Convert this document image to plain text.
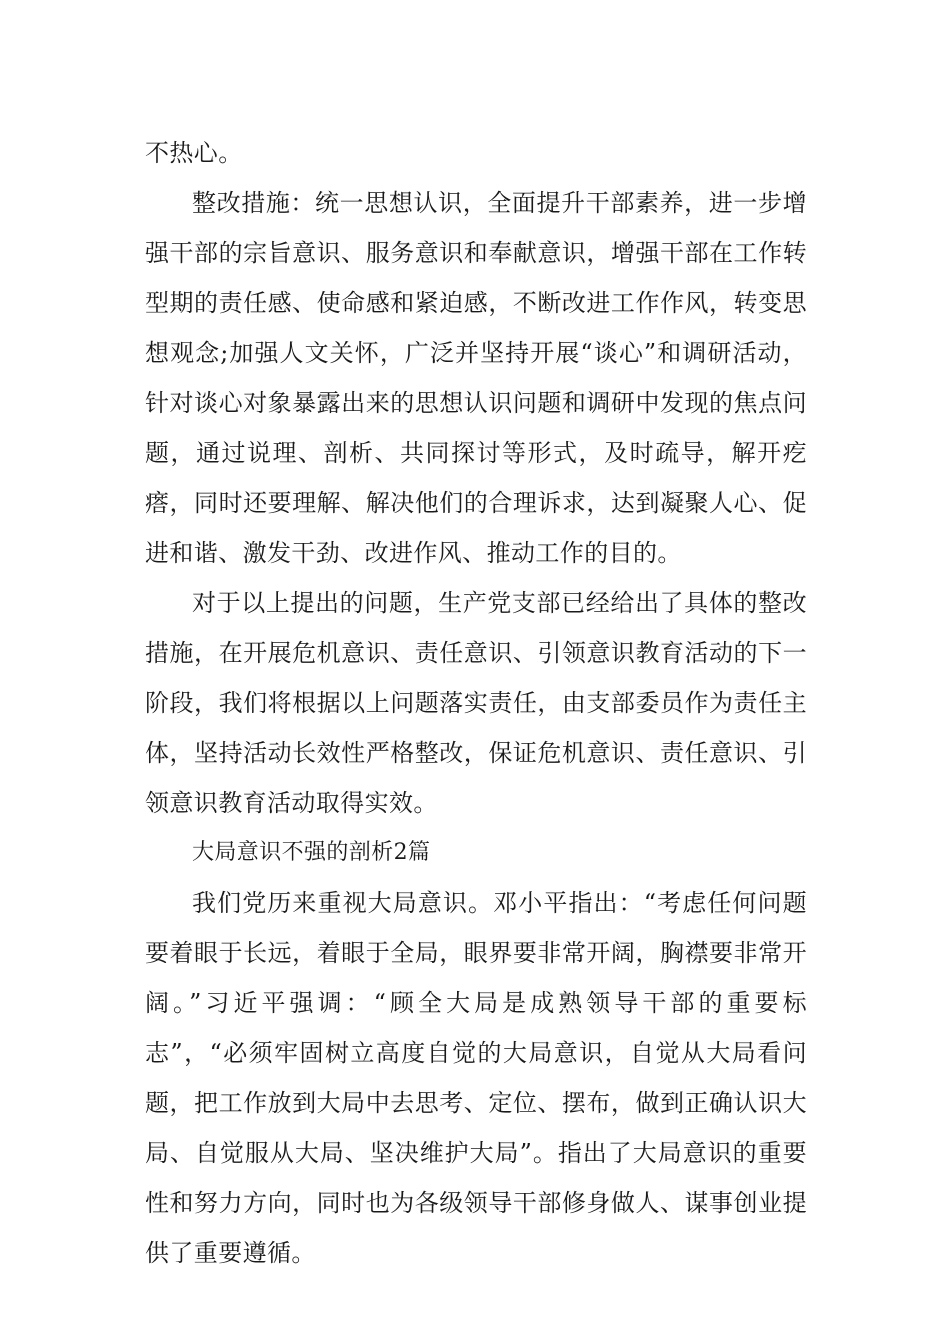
不热心。

整改措施：统一思想认识，全面提升干部素养，进一步增强干部的宗旨意识、服务意识和奉献意识，增强干部在工作转型期的责任感、使命感和紧迫感，不断改进工作作风，转变思想观念;加强人文关怀，广泛并坚持开展“谈心”和调研活动，针对谈心对象暴露出来的思想认识问题和调研中发现的焦点问题，通过说理、剖析、共同探讨等形式，及时疏导，解开疙瘩，同时还要理解、解决他们的合理诉求，达到凝聚人心、促进和谐、激发干劲、改进作风、推动工作的目的。

对于以上提出的问题，生产党支部已经给出了具体的整改措施，在开展危机意识、责任意识、引领意识教育活动的下一阶段，我们将根据以上问题落实责任，由支部委员作为责任主体，坚持活动长效性严格整改，保证危机意识、责任意识、引领意识教育活动取得实效。

大局意识不强的剖析2篇

我们党历来重视大局意识。邓小平指出：“考虑任何问题要着眼于长远，着眼于全局，眼界要非常开阔，胸襟要非常开阔。”习近平强调：“顾全大局是成熟领导干部的重要标志”，“必须牢固树立高度自觉的大局意识，自觉从大局看问题，把工作放到大局中去思考、定位、摆布，做到正确认识大局、自觉服从大局、坚决维护大局”。指出了大局意识的重要性和努力方向，同时也为各级领导干部修身做人、谋事创业提供了重要遵循。
